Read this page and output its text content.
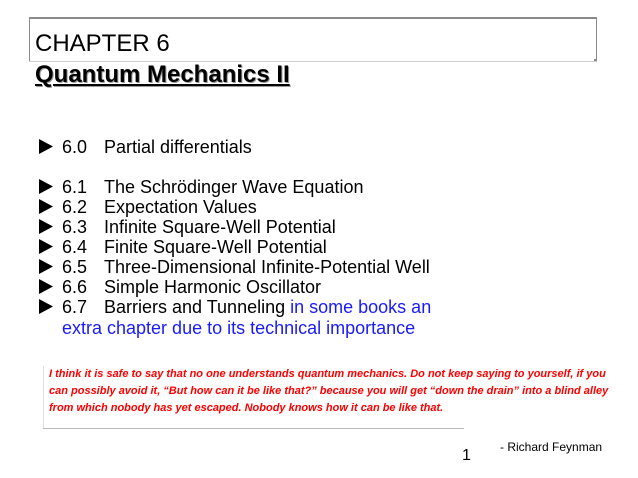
CHAPTER 6
Quantum Mechanics II
6.0 Partial differentials
6.1 The Schrödinger Wave Equation
6.2 Expectation Values
6.3 Infinite Square-Well Potential
6.4 Finite Square-Well Potential
6.5 Three-Dimensional Infinite-Potential Well
6.6 Simple Harmonic Oscillator
6.7 Barriers and Tunneling in some books an
extra chapter due to its technical importance
I think it is safe to say that no one understands quantum mechanics. Do not keep saying to yourself, if you can possibly avoid it, “But how can it be like that?” because you will get “down the drain” into a blind alley from which nobody has yet escaped. Nobody knows how it can be like that.
- Richard Feynman
1
